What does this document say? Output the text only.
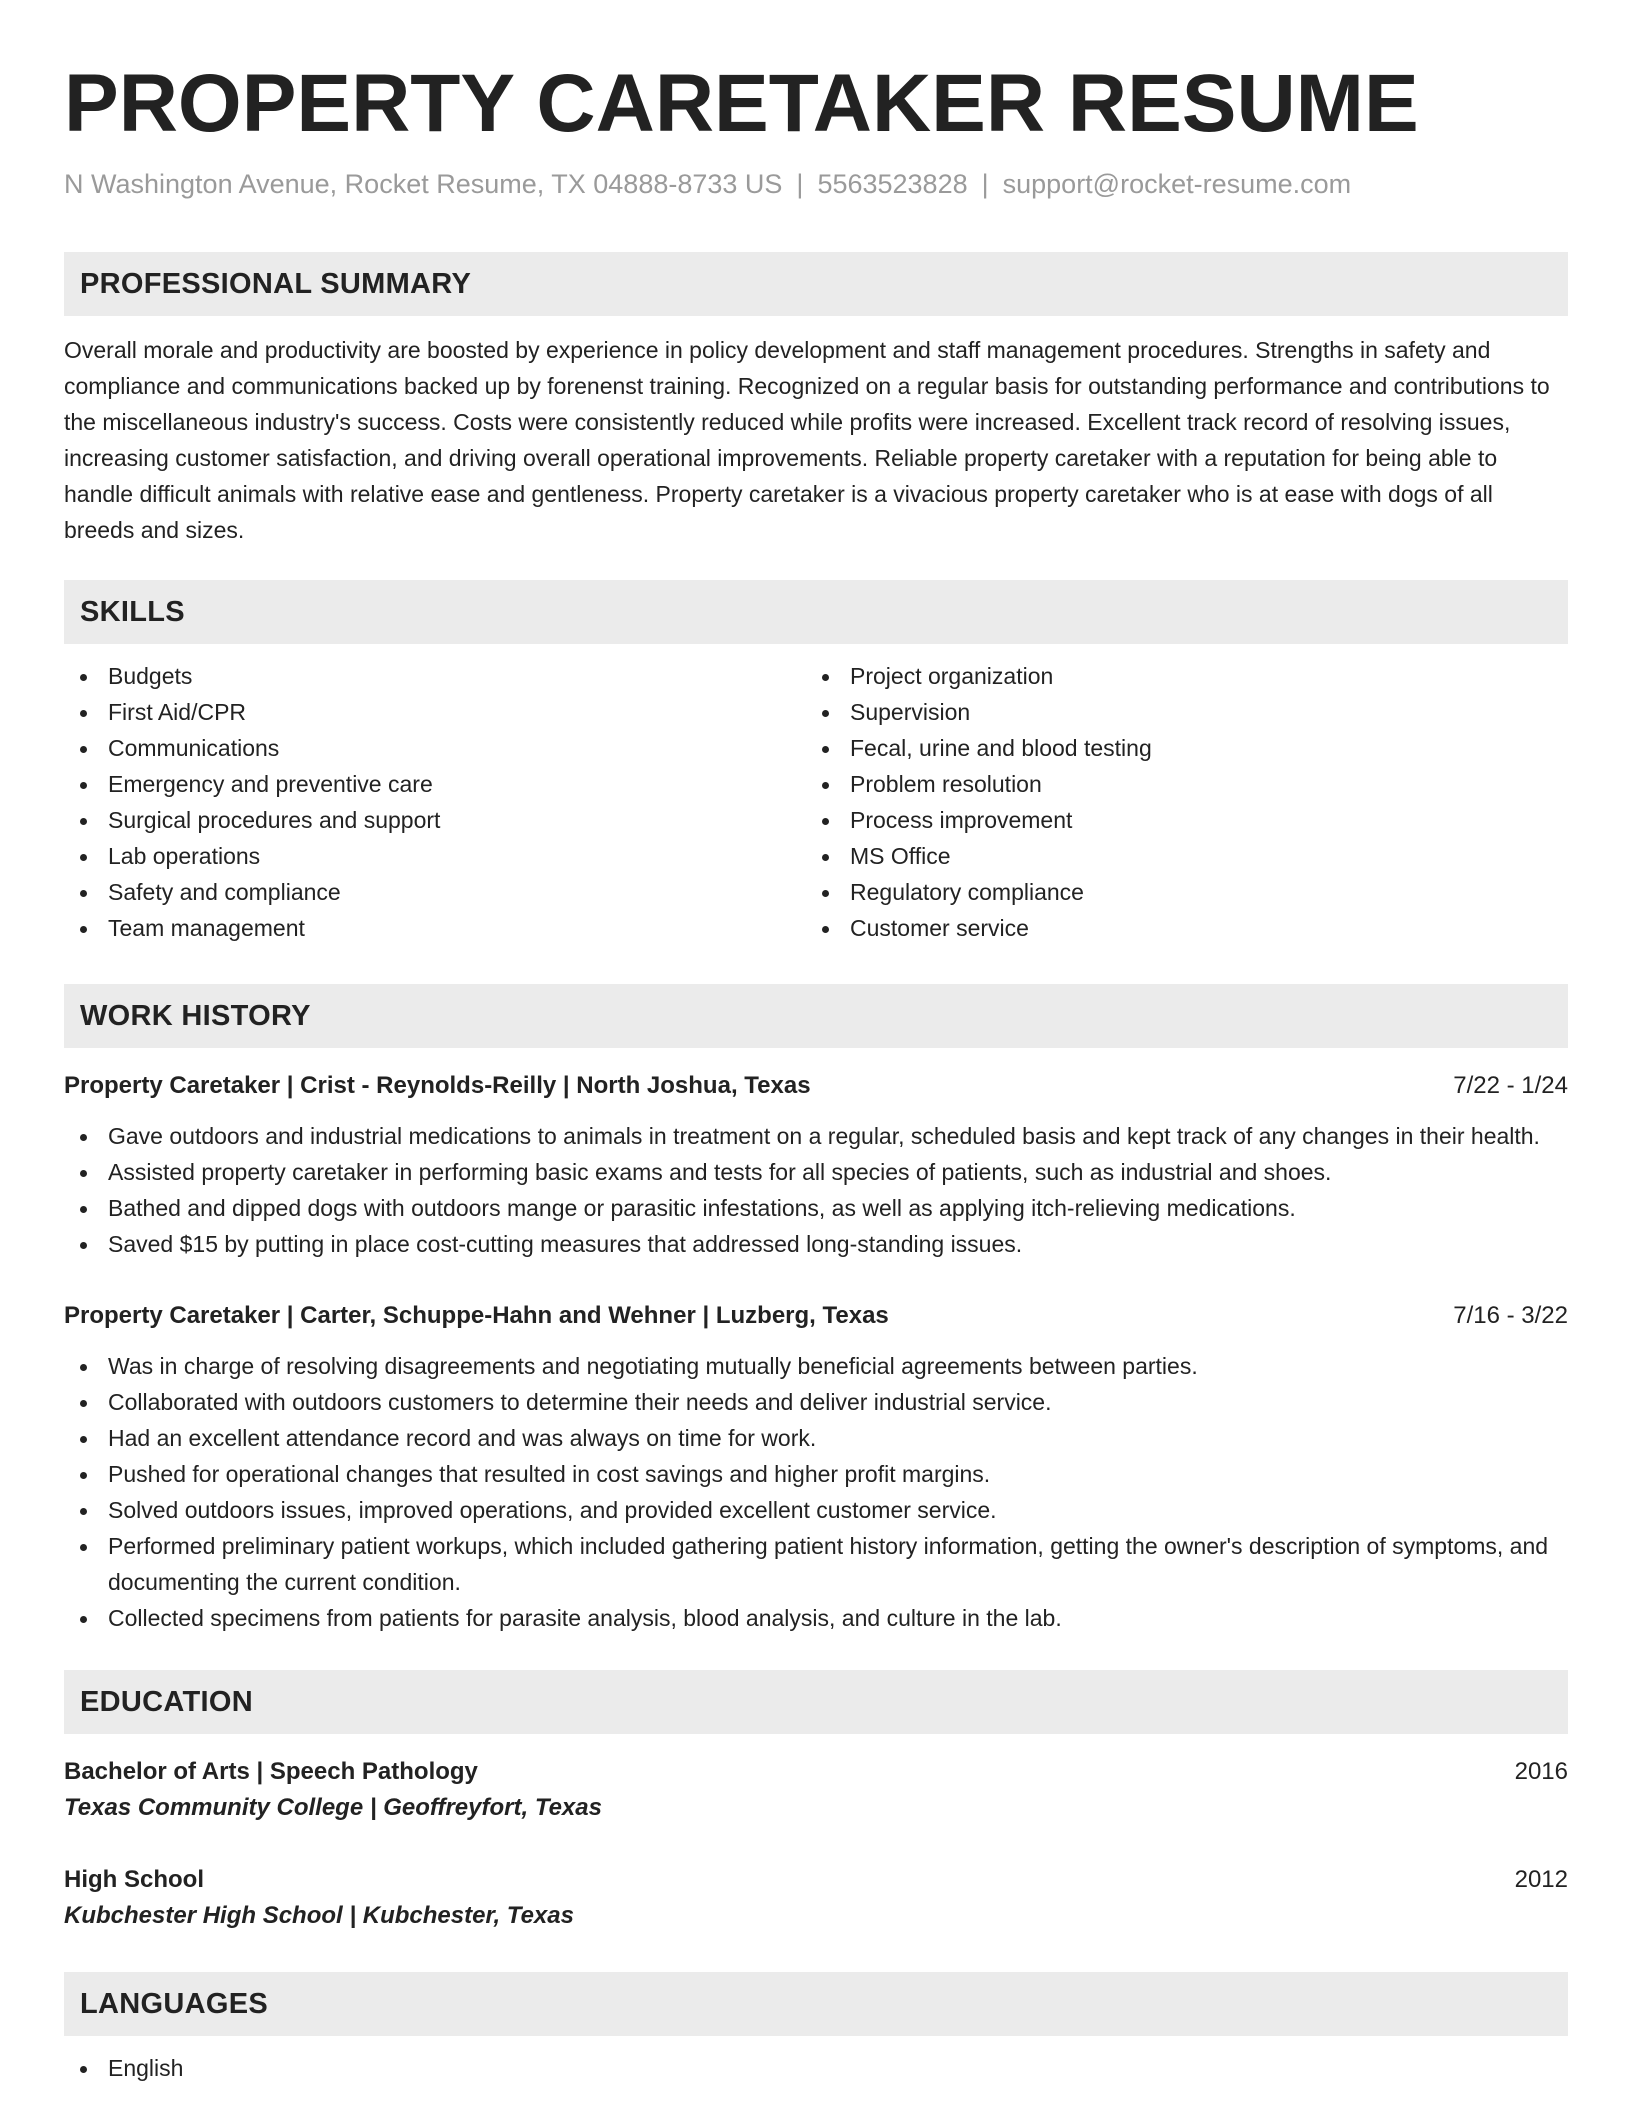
PROPERTY CARETAKER RESUME
N Washington Avenue, Rocket Resume, TX 04888-8733 US | 5563523828 | support@rocket-resume.com
PROFESSIONAL SUMMARY
Overall morale and productivity are boosted by experience in policy development and staff management procedures. Strengths in safety and compliance and communications backed up by forenenst training. Recognized on a regular basis for outstanding performance and contributions to the miscellaneous industry's success. Costs were consistently reduced while profits were increased. Excellent track record of resolving issues, increasing customer satisfaction, and driving overall operational improvements. Reliable property caretaker with a reputation for being able to handle difficult animals with relative ease and gentleness. Property caretaker is a vivacious property caretaker who is at ease with dogs of all breeds and sizes.
SKILLS
Budgets
First Aid/CPR
Communications
Emergency and preventive care
Surgical procedures and support
Lab operations
Safety and compliance
Team management
Project organization
Supervision
Fecal, urine and blood testing
Problem resolution
Process improvement
MS Office
Regulatory compliance
Customer service
WORK HISTORY
Property Caretaker | Crist - Reynolds-Reilly | North Joshua, Texas	7/22 - 1/24
Gave outdoors and industrial medications to animals in treatment on a regular, scheduled basis and kept track of any changes in their health.
Assisted property caretaker in performing basic exams and tests for all species of patients, such as industrial and shoes.
Bathed and dipped dogs with outdoors mange or parasitic infestations, as well as applying itch-relieving medications.
Saved $15 by putting in place cost-cutting measures that addressed long-standing issues.
Property Caretaker | Carter, Schuppe-Hahn and Wehner | Luzberg, Texas	7/16 - 3/22
Was in charge of resolving disagreements and negotiating mutually beneficial agreements between parties.
Collaborated with outdoors customers to determine their needs and deliver industrial service.
Had an excellent attendance record and was always on time for work.
Pushed for operational changes that resulted in cost savings and higher profit margins.
Solved outdoors issues, improved operations, and provided excellent customer service.
Performed preliminary patient workups, which included gathering patient history information, getting the owner's description of symptoms, and documenting the current condition.
Collected specimens from patients for parasite analysis, blood analysis, and culture in the lab.
EDUCATION
Bachelor of Arts | Speech Pathology	2016
Texas Community College | Geoffreyfort, Texas
High School	2012
Kubchester High School | Kubchester, Texas
LANGUAGES
English
